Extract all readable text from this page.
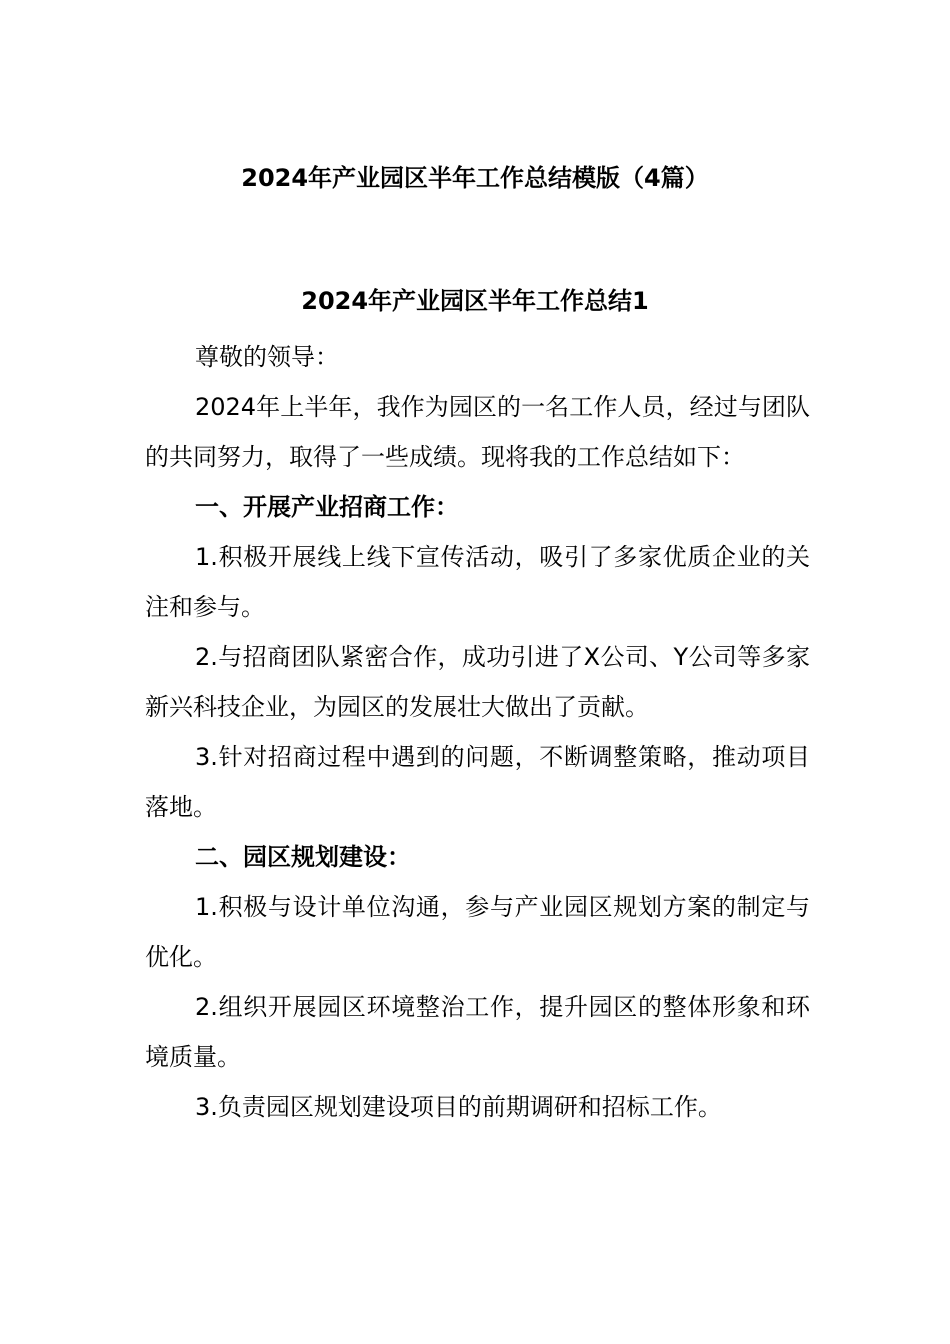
2024年产业园区半年工作总结模版（4篇）
2024年产业园区半年工作总结1

尊敬的领导：

2024年上半年，我作为园区的一名工作人员，经过与团队的共同努力，取得了一些成绩。现将我的工作总结如下：

一、开展产业招商工作：

1.积极开展线上线下宣传活动，吸引了多家优质企业的关注和参与。

2.与招商团队紧密合作，成功引进了X公司、Y公司等多家新兴科技企业，为园区的发展壮大做出了贡献。

3.针对招商过程中遇到的问题，不断调整策略，推动项目落地。

二、园区规划建设：

1.积极与设计单位沟通，参与产业园区规划方案的制定与优化。

2.组织开展园区环境整治工作，提升园区的整体形象和环境质量。

3.负责园区规划建设项目的前期调研和招标工作。
